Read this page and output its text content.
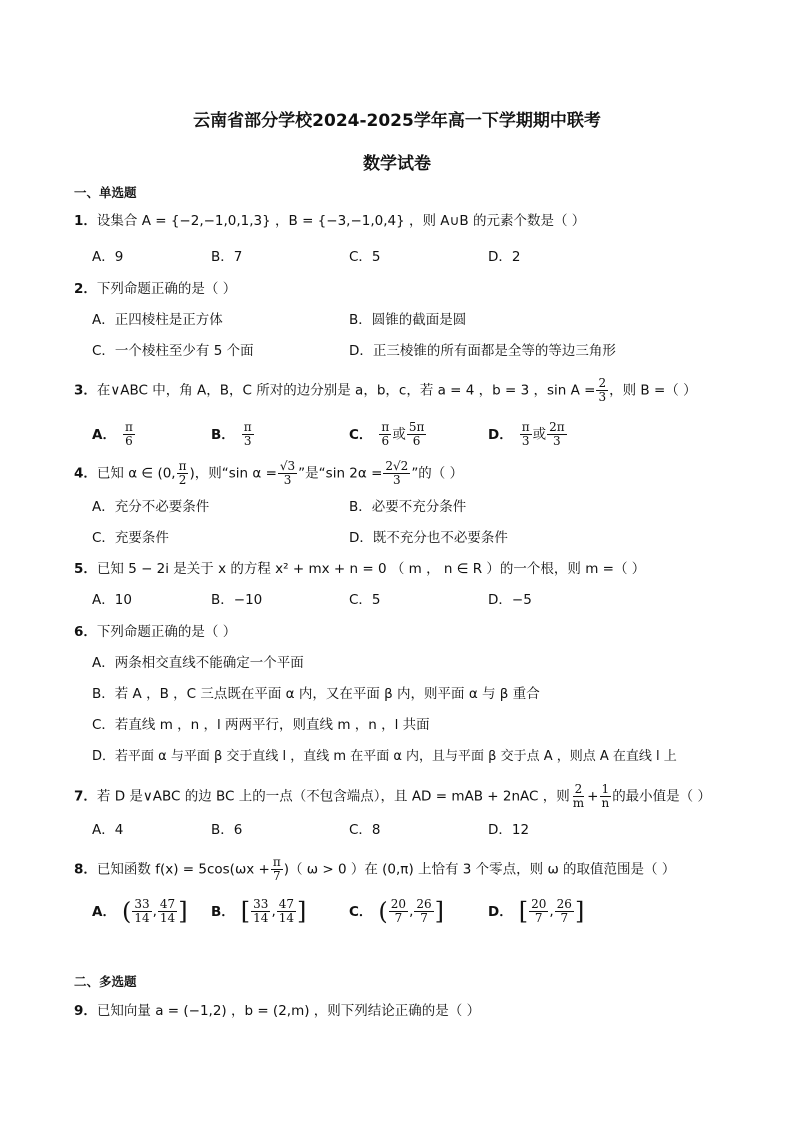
云南省部分学校2024-2025学年高一下学期期中联考
数学试卷
一、单选题
1．设集合 A = {−2,−1,0,1,3} ，B = {−3,−1,0,4} ，则 A∪B 的元素个数是（ ）
A．9	B．7	C．5	D．2
2．下列命题正确的是（ ）
A．正四棱柱是正方体	B．圆锥的截面是圆
C．一个棱柱至少有 5 个面	D．正三棱锥的所有面都是全等的等边三角形
3．在∨ABC 中，角 A，B，C 所对的边分别是 a，b，c，若 a = 4 ，b = 3 ，$\sin A = \frac{2}{3}$ ，则 B =（ ）
A． $\frac{\pi}{6}$	B． $\frac{\pi}{3}$	C． $\frac{\pi}{6}$ 或 $\frac{5\pi}{6}$	D． $\frac{\pi}{3}$ 或 $\frac{2\pi}{3}$
4．已知 α ∈ (0, $\frac{\pi}{2}$ )，则“sin $\alpha = \frac{√3}{3}$ ”是“sin $2\alpha = \frac{2√2}{3}$ ”的（ ）
A．充分不必要条件	B．必要不充分条件
C．充要条件	D．既不充分也不必要条件
5．已知 5 − 2i 是关于 x 的方程 x² + mx + n = 0 （ m ， n ∈ R ）的一个根，则 m =（ ）
A．10	B．−10	C．5	D．−5
6．下列命题正确的是（ ）
A．两条相交直线不能确定一个平面
B．若 A ，B ，C 三点既在平面 α 内，又在平面 β 内，则平面 α 与 β 重合
C．若直线 m ，n ，l 两两平行，则直线 m ，n ，l 共面
D．若平面 α 与平面 β 交于直线 l ，直线 m 在平面 α 内，且与平面 β 交于点 A ，则点 A 在直线 l 上
7．若 D 是∨ABC 的边 BC 上的一点（不包含端点），且 AD = mAB + 2nAC ，则 $\frac{2}{m} + \frac{1}{n}$ 的最小值是（ ）
A．4	B．6	C．8	D．12
8．已知函数 $f(x) = 5\cos(\omega x + \frac{\pi}{7}$ )（ ω > 0 ）在 (0,π) 上恰有 3 个零点，则 ω 的取值范围是（ ）
A． ( $\frac{33}{14}$ , $\frac{47}{14}$ ] B． [ $\frac{33}{14}$ , $\frac{47}{14}$ ]	C． ( $\frac{20}{7}$ , $\frac{26}{7}$ ]	D． [ $\frac{20}{7}$ , $\frac{26}{7}$ ]
二、多选题
9．已知向量 a = (−1,2) ，b = (2,m) ，则下列结论正确的是（ ）
